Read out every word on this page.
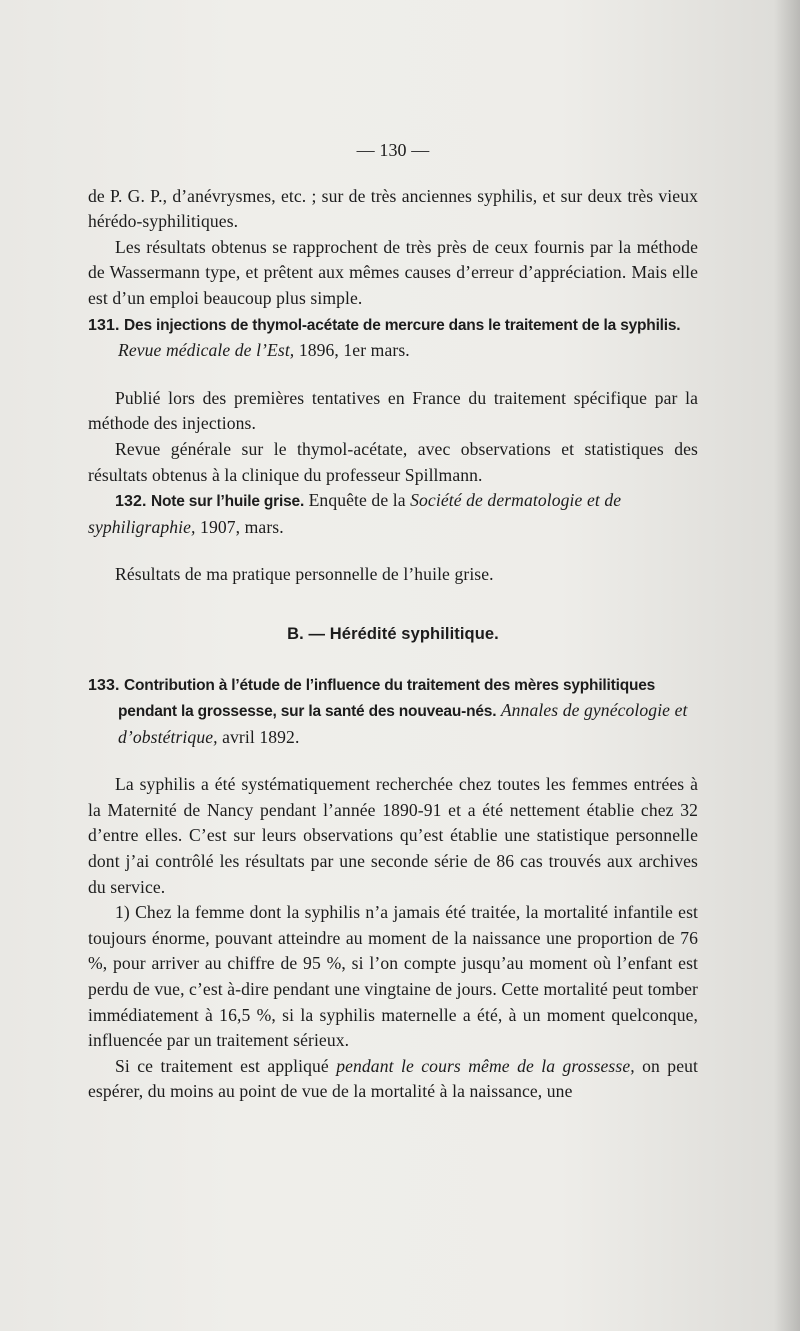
— 130 —

de P. G. P., d’anévrysmes, etc. ; sur de très anciennes syphilis, et sur deux très vieux hérédo-syphilitiques.

Les résultats obtenus se rapprochent de très près de ceux fournis par la méthode de Wassermann type, et prêtent aux mêmes causes d’erreur d’appréciation. Mais elle est d’un emploi beaucoup plus simple.

131. Des injections de thymol-acétate de mercure dans le traitement de la syphilis. Revue médicale de l’Est, 1896, 1er mars.

Publié lors des premières tentatives en France du traitement spécifique par la méthode des injections.

Revue générale sur le thymol-acétate, avec observations et statistiques des résultats obtenus à la clinique du professeur Spillmann.

132. Note sur l’huile grise. Enquête de la Société de dermatologie et de syphiligraphie, 1907, mars.

Résultats de ma pratique personnelle de l’huile grise.

B. — Hérédité syphilitique.

133. Contribution à l’étude de l’influence du traitement des mères syphilitiques pendant la grossesse, sur la santé des nouveau-nés. Annales de gynécologie et d’obstétrique, avril 1892.

La syphilis a été systématiquement recherchée chez toutes les femmes entrées à la Maternité de Nancy pendant l’année 1890-91 et a été nettement établie chez 32 d’entre elles. C’est sur leurs observations qu’est établie une statistique personnelle dont j’ai contrôlé les résultats par une seconde série de 86 cas trouvés aux archives du service.

1) Chez la femme dont la syphilis n’a jamais été traitée, la mortalité infantile est toujours énorme, pouvant atteindre au moment de la naissance une proportion de 76 %, pour arriver au chiffre de 95 %, si l’on compte jusqu’au moment où l’enfant est perdu de vue, c’est à-dire pendant une vingtaine de jours. Cette mortalité peut tomber immédiatement à 16,5 %, si la syphilis maternelle a été, à un moment quelconque, influencée par un traitement sérieux.

Si ce traitement est appliqué pendant le cours même de la grossesse, on peut espérer, du moins au point de vue de la mortalité à la naissance, une
